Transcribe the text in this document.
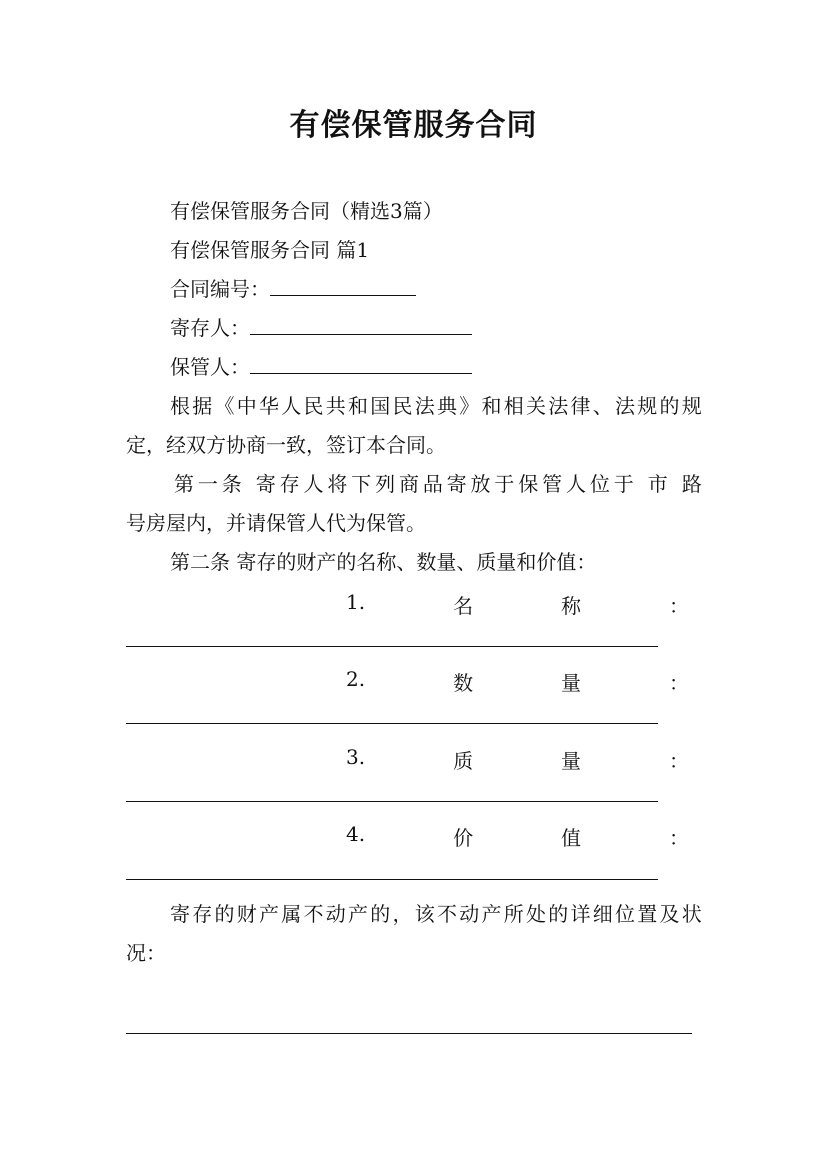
有偿保管服务合同
有偿保管服务合同（精选3篇）
有偿保管服务合同 篇1
合同编号：
寄存人：
保管人：
根 据 《 中 华 人 民 共 和 国 民 法 典 》 和 相 关 法 律 、 法 规 的 规
定，经双方协商一致，签订本合同。
第 一 条
寄 存 人 将 下 列 商 品 寄 放 于 保 管 人 位 于
市
路
号房屋内，并请保管人代为保管。
第二条 寄存的财产的名称、数量、质量和价值：
1.	名	称	：
2.	数	量	：
3.	质	量	：
4.	价	值	：
寄 存 的 财 产 属 不 动 产 的 ， 该 不 动 产 所 处 的 详 细 位 置 及 状
况：
